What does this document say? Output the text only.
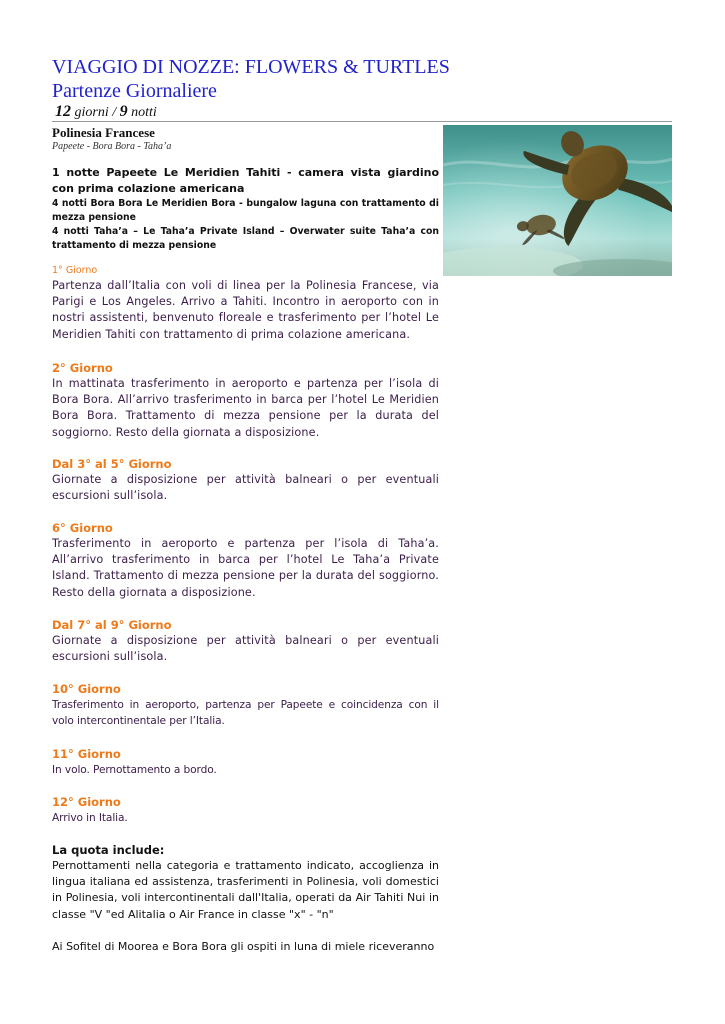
VIAGGIO DI NOZZE: FLOWERS & TURTLES
Partenze Giornaliere
12 giorni / 9 notti
Polinesia Francese
Papeete - Bora Bora - Taha’a
1 notte Papeete Le Meridien Tahiti - camera vista giardino con prima colazione americana
4 notti Bora Bora Le Meridien Bora - bungalow laguna con trattamento di mezza pensione
4 notti Taha’a – Le Taha’a Private Island – Overwater suite Taha’a con trattamento di mezza pensione
1° Giorno
Partenza dall’Italia con voli di linea per la Polinesia Francese, via Parigi e Los Angeles. Arrivo a Tahiti. Incontro in aeroporto con in nostri assistenti, benvenuto floreale e trasferimento per l’hotel Le Meridien Tahiti con trattamento di prima colazione americana.
2° Giorno
In mattinata trasferimento in aeroporto e partenza per l’isola di Bora Bora. All’arrivo trasferimento in barca per l’hotel Le Meridien Bora Bora. Trattamento di mezza pensione per la durata del soggiorno. Resto della giornata a disposizione.
Dal 3° al 5° Giorno
Giornate a disposizione per attività balneari o per eventuali escursioni sull’isola.
6° Giorno
Trasferimento in aeroporto e partenza per l’isola di Taha’a. All’arrivo trasferimento in barca per l’hotel Le Taha’a Private Island. Trattamento di mezza pensione per la durata del soggiorno. Resto della giornata a disposizione.
Dal 7° al 9° Giorno
Giornate a disposizione per attività balneari o per eventuali escursioni sull’isola.
10° Giorno
Trasferimento in aeroporto, partenza per Papeete e coincidenza con il volo intercontinentale per l’Italia.
11° Giorno
In volo. Pernottamento a bordo.
12° Giorno
Arrivo in Italia.
La quota include:
Pernottamenti nella categoria e trattamento indicato, accoglienza in lingua italiana ed assistenza, trasferimenti in Polinesia, voli domestici in Polinesia, voli intercontinentali dall'Italia, operati da Air Tahiti Nui in classe "V "ed Alitalia o Air France in classe "x" - "n"
Ai Sofitel di Moorea e Bora Bora gli ospiti in luna di miele riceveranno
